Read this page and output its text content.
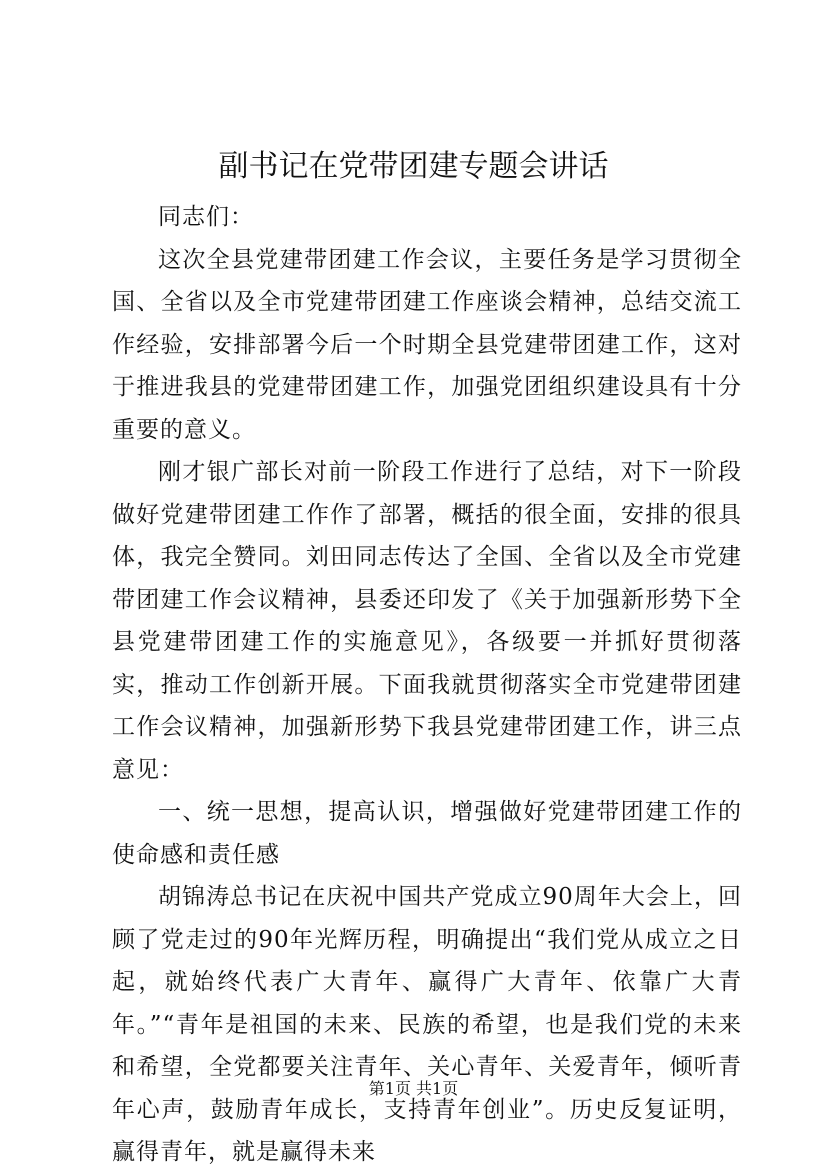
副书记在党带团建专题会讲话

同志们：

这次全县党建带团建工作会议，主要任务是学习贯彻全国、全省以及全市党建带团建工作座谈会精神，总结交流工作经验，安排部署今后一个时期全县党建带团建工作，这对于推进我县的党建带团建工作，加强党团组织建设具有十分重要的意义。

刚才银广部长对前一阶段工作进行了总结，对下一阶段做好党建带团建工作作了部署，概括的很全面，安排的很具体，我完全赞同。刘田同志传达了全国、全省以及全市党建带团建工作会议精神，县委还印发了《关于加强新形势下全县党建带团建工作的实施意见》，各级要一并抓好贯彻落实，推动工作创新开展。下面我就贯彻落实全市党建带团建工作会议精神，加强新形势下我县党建带团建工作，讲三点意见：

一、统一思想，提高认识，增强做好党建带团建工作的使命感和责任感

胡锦涛总书记在庆祝中国共产党成立90周年大会上，回顾了党走过的90年光辉历程，明确提出“我们党从成立之日起，就始终代表广大青年、赢得广大青年、依靠广大青年。”“青年是祖国的未来、民族的希望，也是我们党的未来和希望，全党都要关注青年、关心青年、关爱青年，倾听青年心声，鼓励青年成长，支持青年创业”。历史反复证明，赢得青年，就是赢得未来

第1页 共1页
